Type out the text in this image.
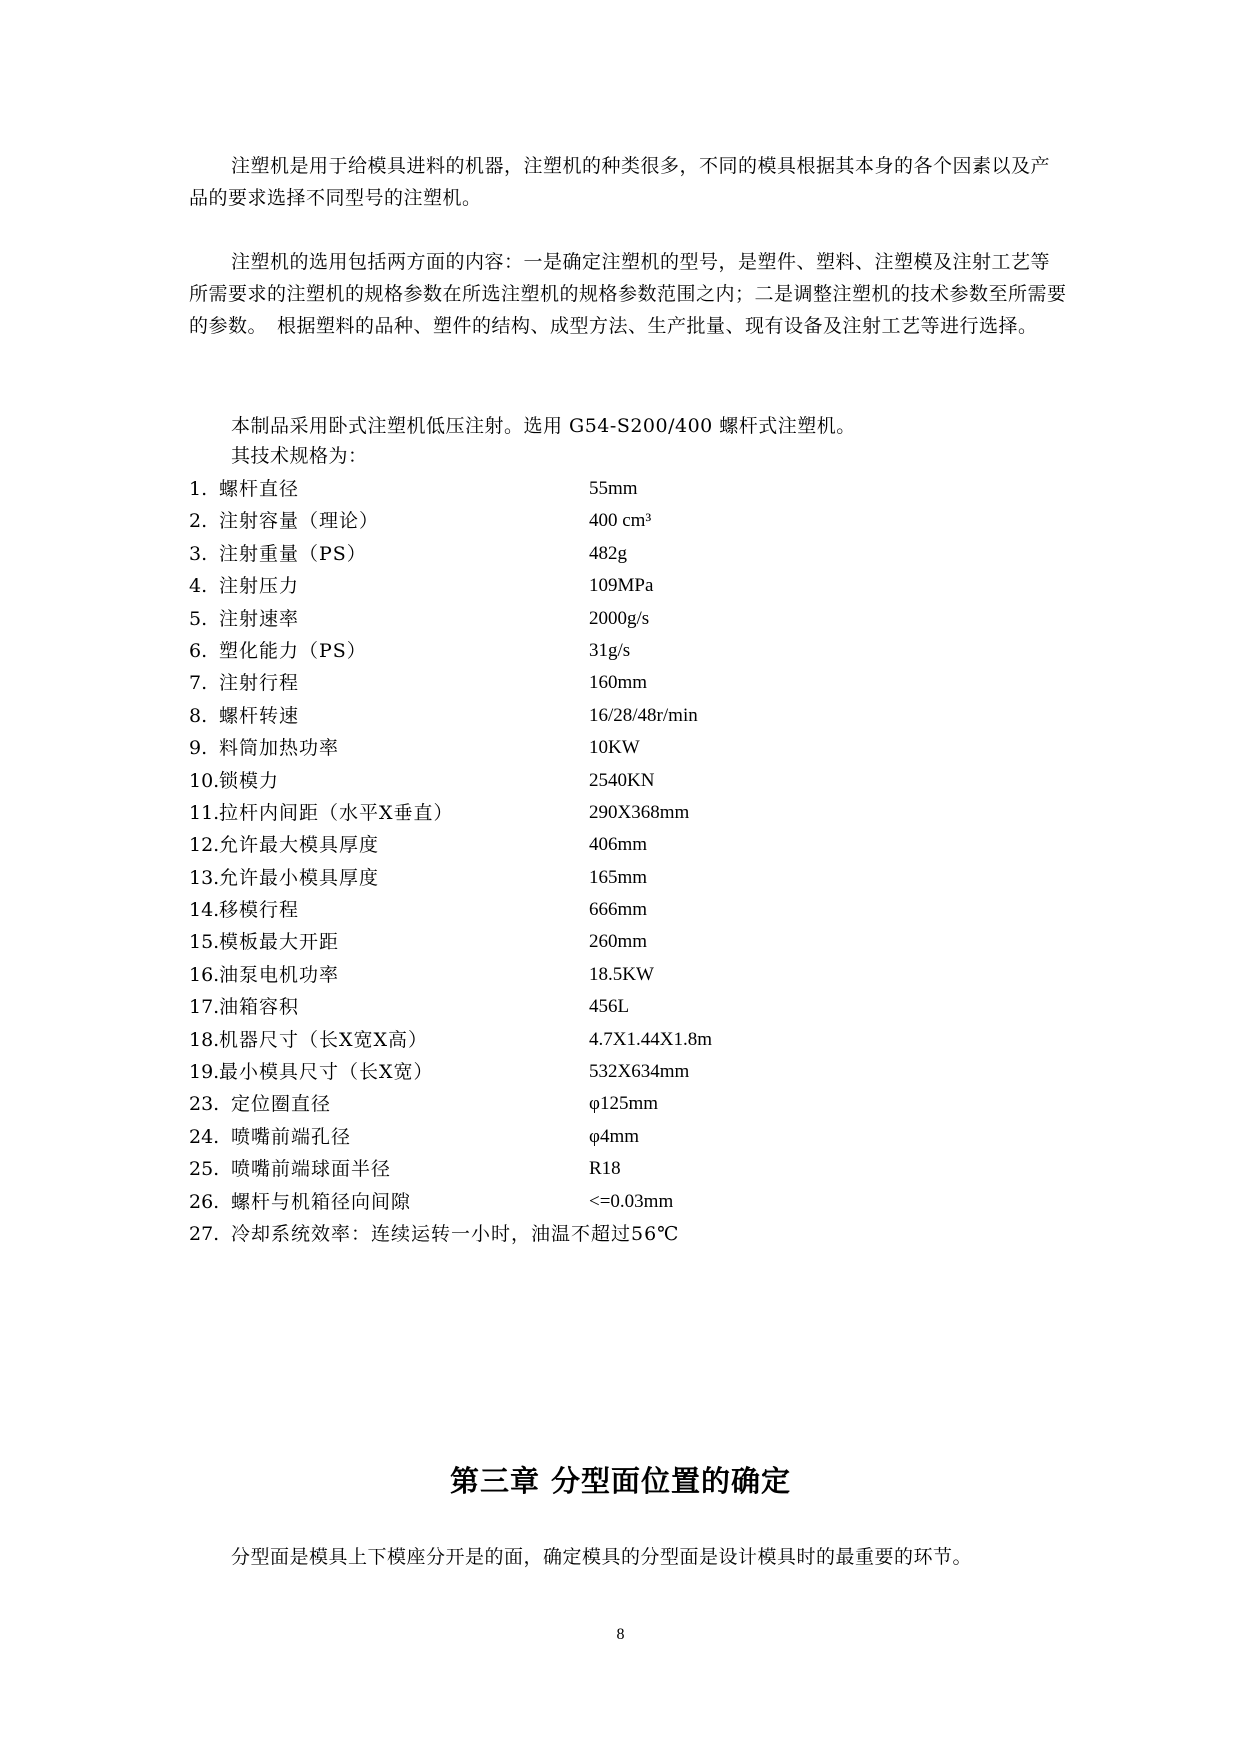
注塑机是用于给模具进料的机器，注塑机的种类很多，不同的模具根据其本身的各个因素以及产品的要求选择不同型号的注塑机。

注塑机的选用包括两方面的内容：一是确定注塑机的型号，是塑件、塑料、注塑模及注射工艺等所需要求的注塑机的规格参数在所选注塑机的规格参数范围之内；二是调整注塑机的技术参数至所需要的参数。　根据塑料的品种、塑件的结构、成型方法、生产批量、现有设备及注射工艺等进行选择。

本制品采用卧式注塑机低压注射。选用 G54-S200/400 螺杆式注塑机。

其技术规格为：

1. 螺杆直径	55mm
2. 注射容量（理论）	400 cm³
3. 注射重量（PS）	482g
4. 注射压力	109MPa
5. 注射速率	2000g/s
6. 塑化能力（PS）	31g/s
7. 注射行程	160mm
8. 螺杆转速	16/28/48r/min
9. 料筒加热功率	10KW
10. 锁模力	2540KN
11. 拉杆内间距（水平X垂直）	290X368mm
12. 允许最大模具厚度	406mm
13. 允许最小模具厚度	165mm
14. 移模行程	666mm
15. 模板最大开距	260mm
16. 油泵电机功率	18.5KW
17. 油箱容积	456L
18. 机器尺寸（长X宽X高）	4.7X1.44X1.8m
19. 最小模具尺寸（长X宽）	532X634mm
23. 定位圈直径	φ125mm
24. 喷嘴前端孔径	φ4mm
25. 喷嘴前端球面半径	R18
26. 螺杆与机箱径向间隙	<=0.03mm
27. 冷却系统效率：连续运转一小时，油温不超过56℃
第三章 分型面位置的确定

分型面是模具上下模座分开是的面，确定模具的分型面是设计模具时的最重要的环节。

8
